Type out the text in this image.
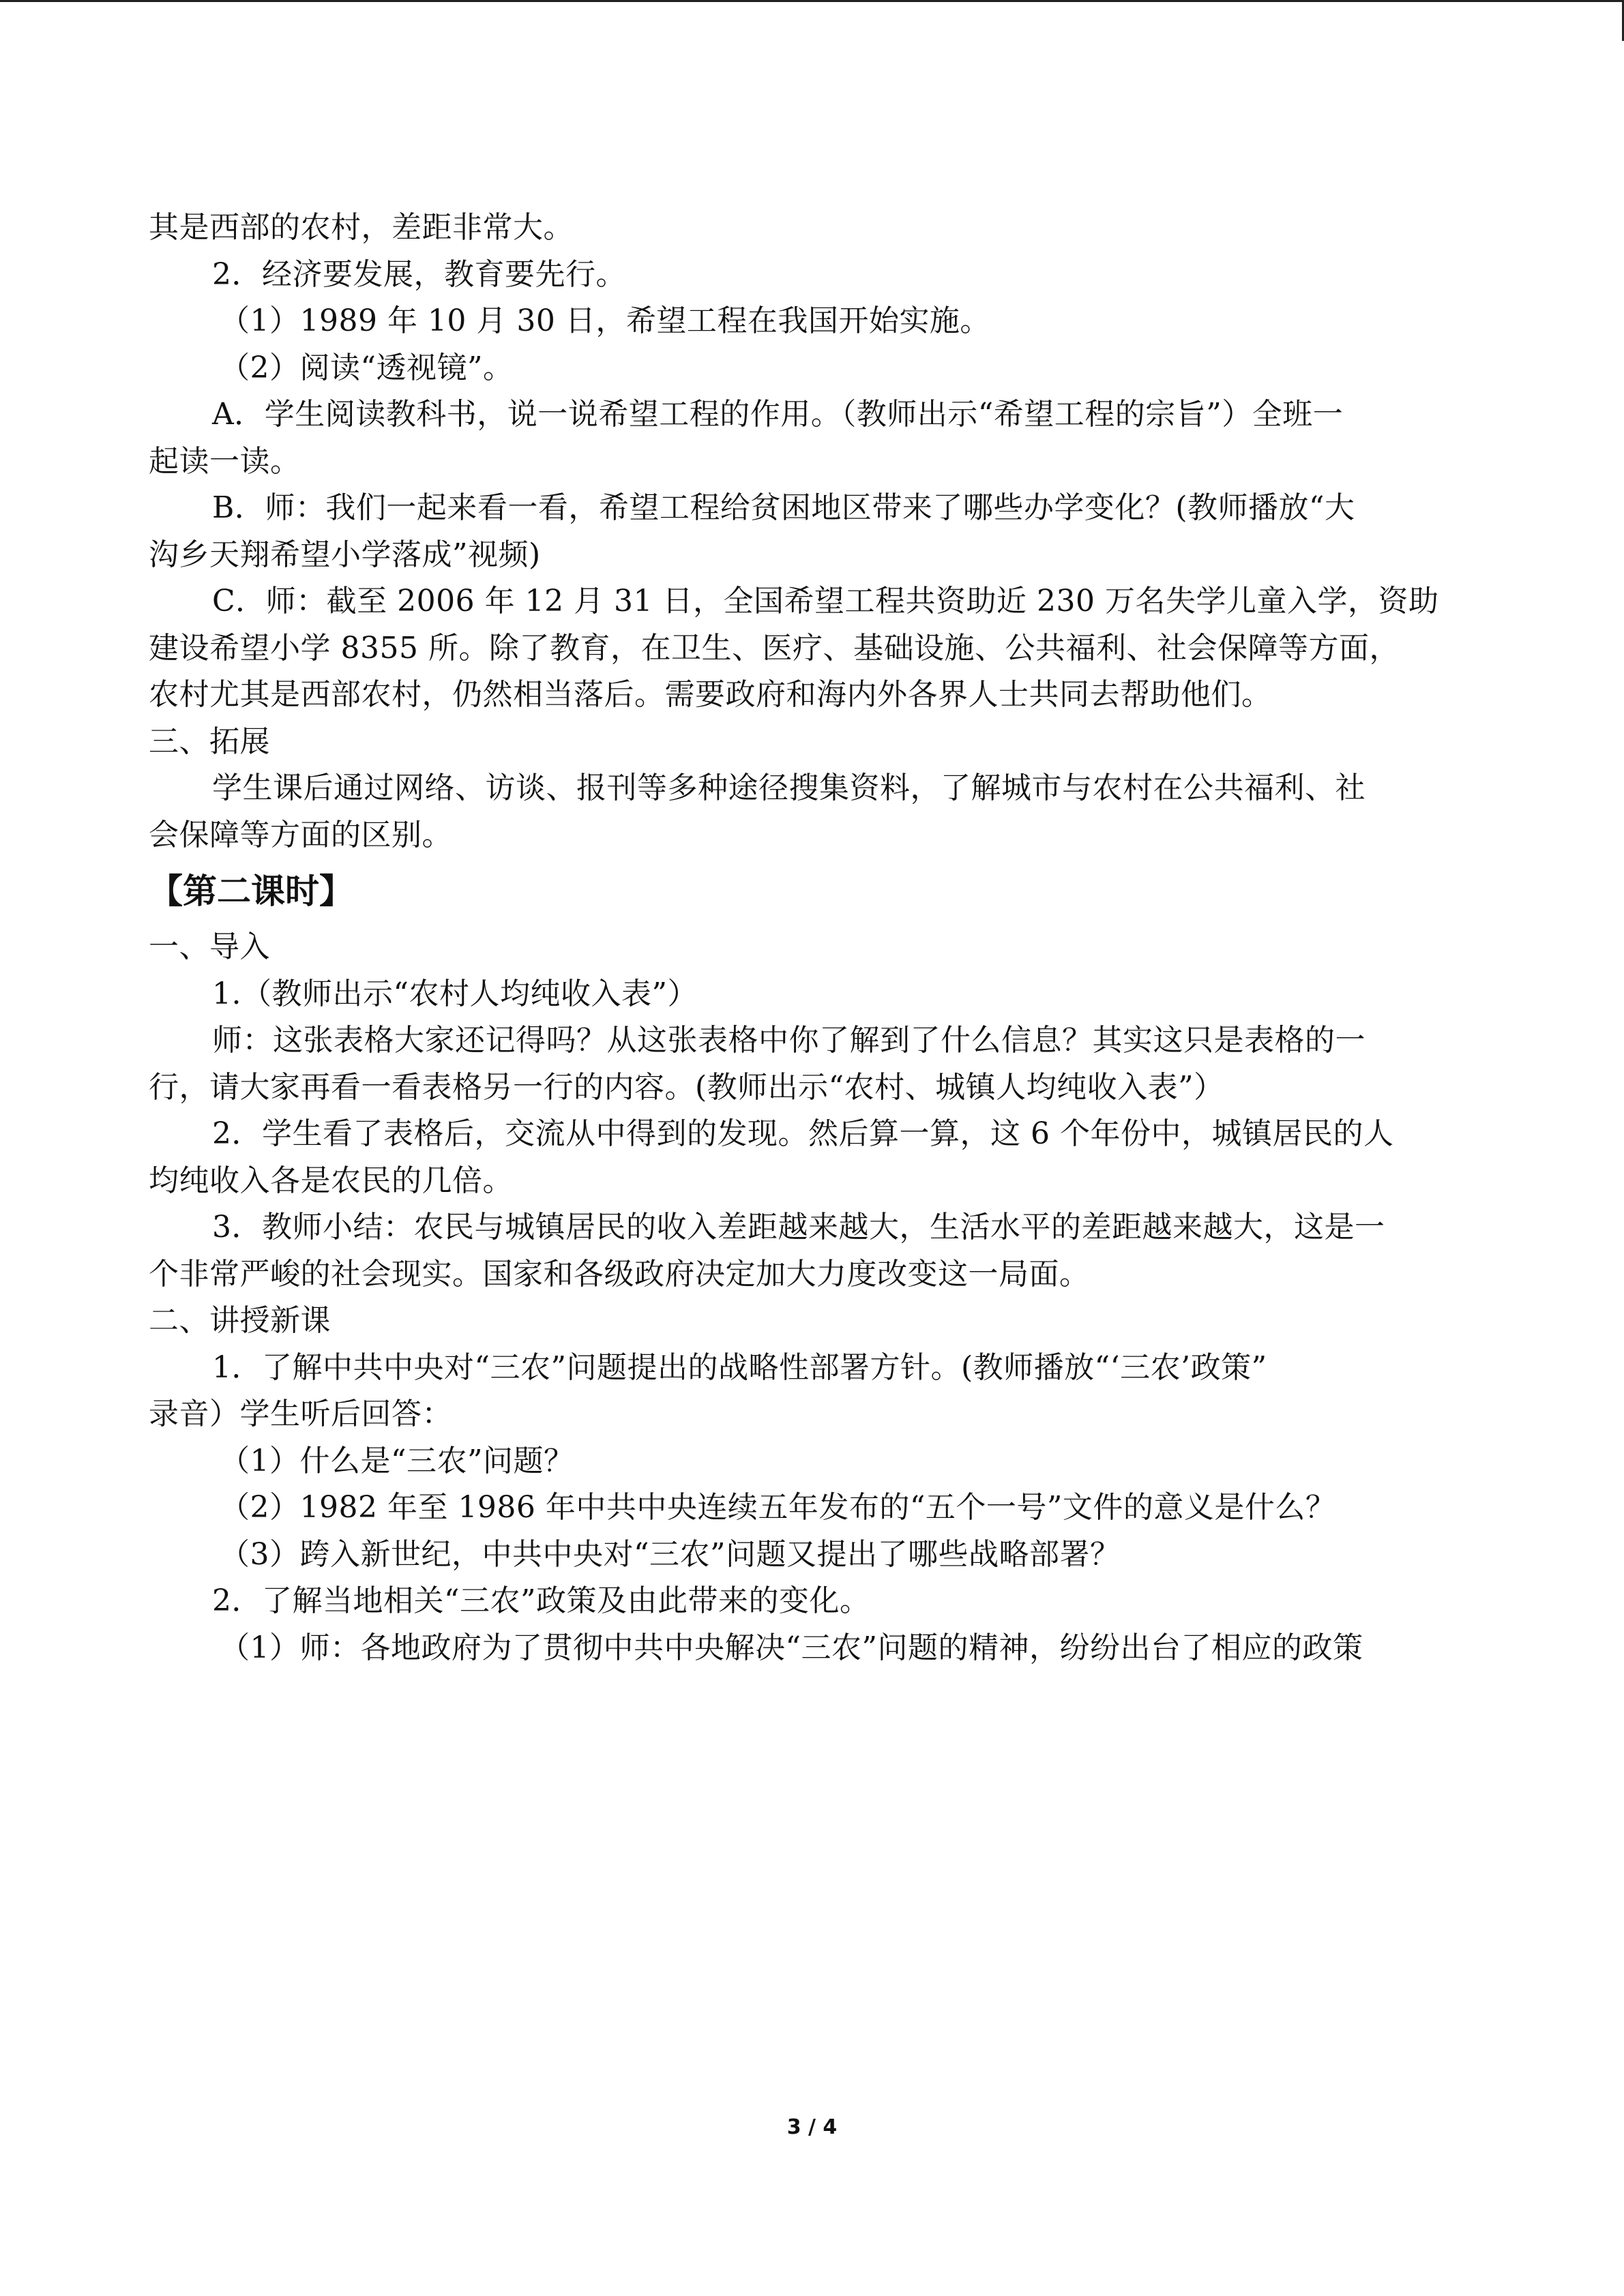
其是西部的农村，差距非常大。
2．经济要发展，教育要先行。
（1）1989 年 10 月 30 日，希望工程在我国开始实施。
（2）阅读“透视镜”。
A．学生阅读教科书，说一说希望工程的作用。（教师出示“希望工程的宗旨”）全班一
起读一读。
B．师：我们一起来看一看，希望工程给贫困地区带来了哪些办学变化？(教师播放“大
沟乡天翔希望小学落成”视频)
C．师：截至 2006 年 12 月 31 日，全国希望工程共资助近 230 万名失学儿童入学，资助
建设希望小学 8355 所。除了教育，在卫生、医疗、基础设施、公共福利、社会保障等方面，
农村尤其是西部农村，仍然相当落后。需要政府和海内外各界人士共同去帮助他们。
三、拓展
学生课后通过网络、访谈、报刊等多种途径搜集资料，了解城市与农村在公共福利、社
会保障等方面的区别。
【第二课时】
一、导入
1.（教师出示“农村人均纯收入表”）
师：这张表格大家还记得吗？从这张表格中你了解到了什么信息？其实这只是表格的一
行，请大家再看一看表格另一行的内容。(教师出示“农村、城镇人均纯收入表”）
2．学生看了表格后，交流从中得到的发现。然后算一算，这 6 个年份中，城镇居民的人
均纯收入各是农民的几倍。
3．教师小结：农民与城镇居民的收入差距越来越大，生活水平的差距越来越大，这是一
个非常严峻的社会现实。国家和各级政府决定加大力度改变这一局面。
二、讲授新课
1．了解中共中央对“三农”问题提出的战略性部署方针。(教师播放“‘三农’政策”
录音）学生听后回答：
（1）什么是“三农”问题？
（2）1982 年至 1986 年中共中央连续五年发布的“五个一号”文件的意义是什么？
（3）跨入新世纪，中共中央对“三农”问题又提出了哪些战略部署？
2．了解当地相关“三农”政策及由此带来的变化。
（1）师：各地政府为了贯彻中共中央解决“三农”问题的精神，纷纷出台了相应的政策
3 / 4
